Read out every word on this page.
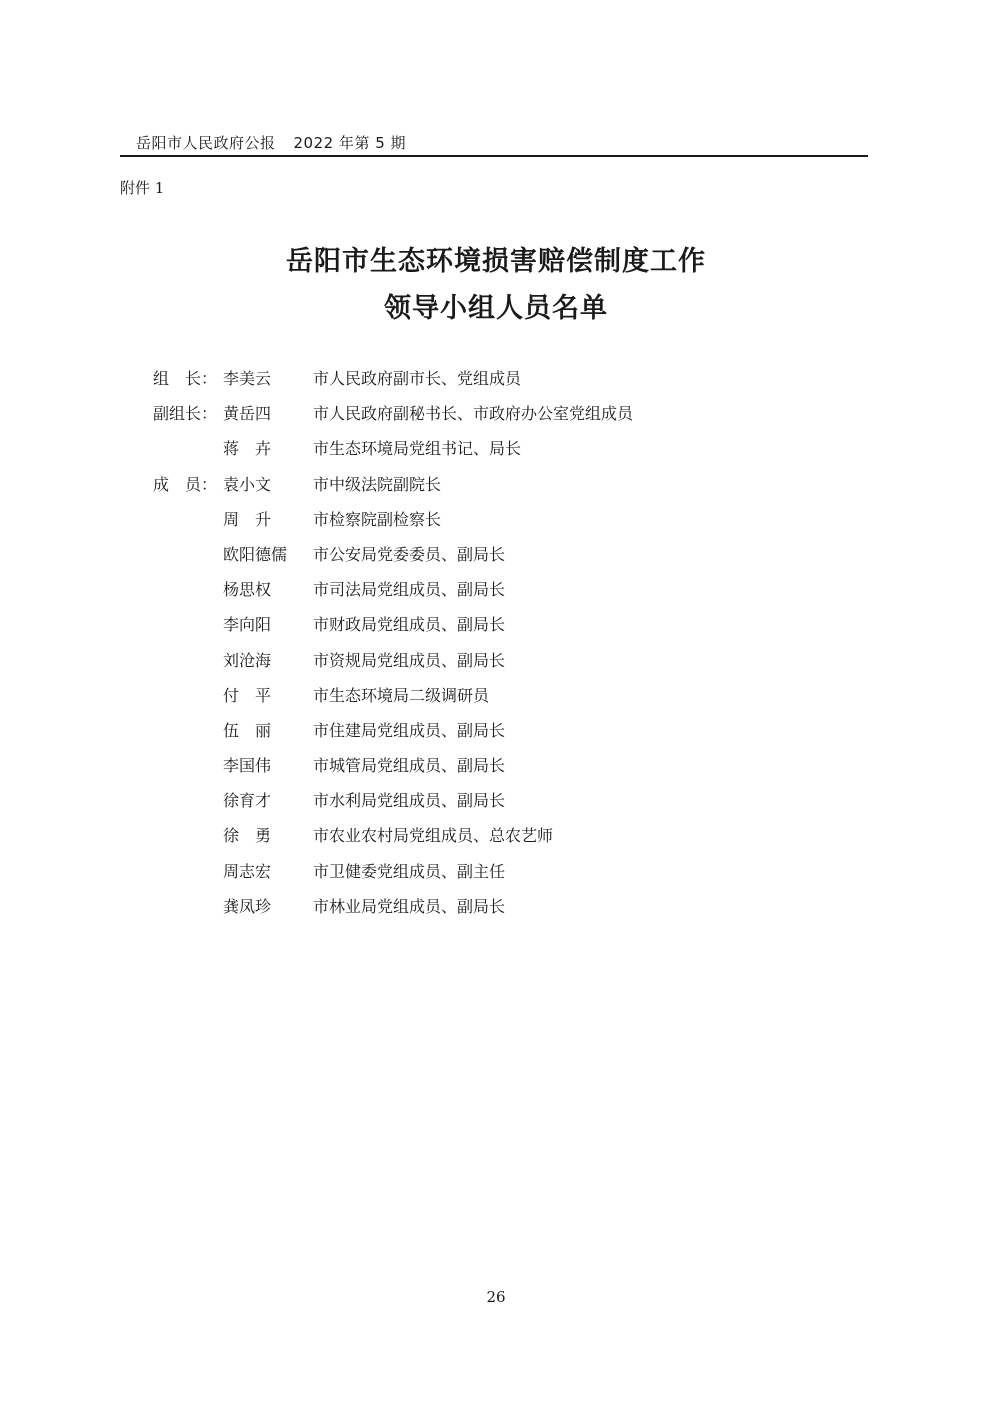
岳阳市人民政府公报 2022 年第 5 期
附件 1
岳阳市生态环境损害赔偿制度工作
领导小组人员名单
组　长： 李美云	市人民政府副市长、党组成员
副组长： 黄岳四	市人民政府副秘书长、市政府办公室党组成员
蒋　卉	市生态环境局党组书记、局长
成　员： 袁小文	市中级法院副院长
周　升	市检察院副检察长
欧阳德儒 市公安局党委委员、副局长
杨思权	市司法局党组成员、副局长
李向阳	市财政局党组成员、副局长
刘沧海	市资规局党组成员、副局长
付　平	市生态环境局二级调研员
伍　丽	市住建局党组成员、副局长
李国伟	市城管局党组成员、副局长
徐育才	市水利局党组成员、副局长
徐　勇	市农业农村局党组成员、总农艺师
周志宏	市卫健委党组成员、副主任
龚凤珍	市林业局党组成员、副局长
26
